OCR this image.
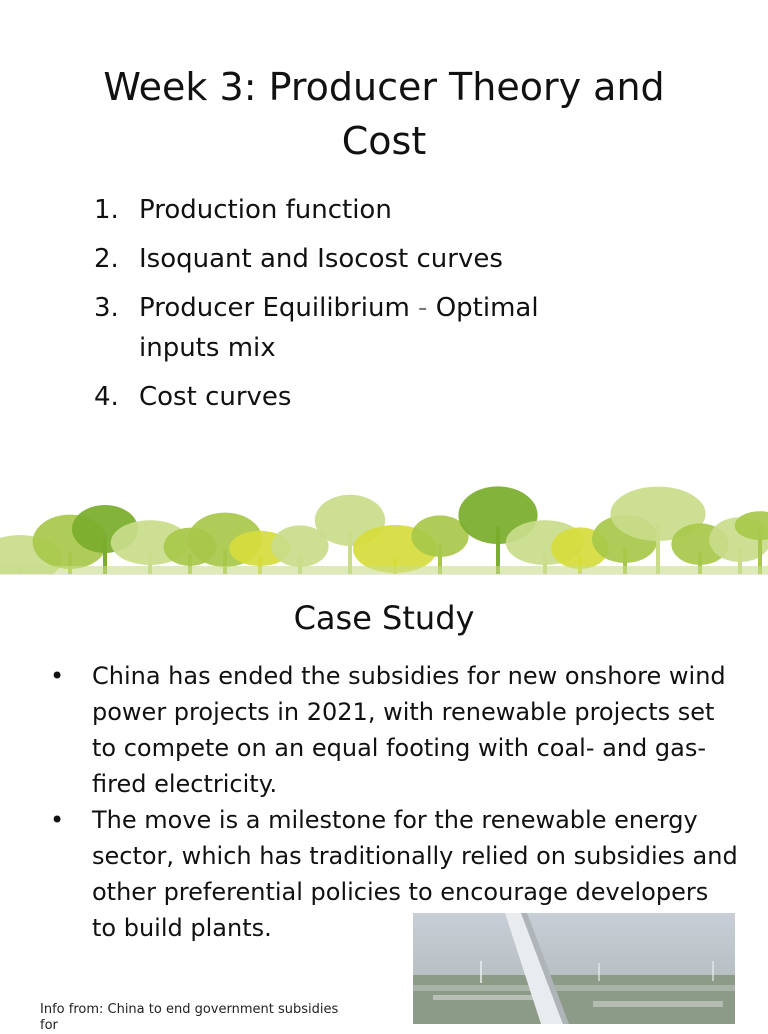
Week 3: Producer Theory and Cost
1. Production function
2. Isoquant and Isocost curves
3. Producer Equilibrium - Optimal inputs mix
4. Cost curves
Case Study
•	China has ended the subsidies for new onshore wind power projects in 2021, with renewable projects set to compete on an equal footing with coal- and gas-fired electricity.
•	The move is a milestone for the renewable energy sector, which has traditionally relied on subsidies and other preferential policies to encourage developers to build plants.
Info from: China to end government subsidies for
